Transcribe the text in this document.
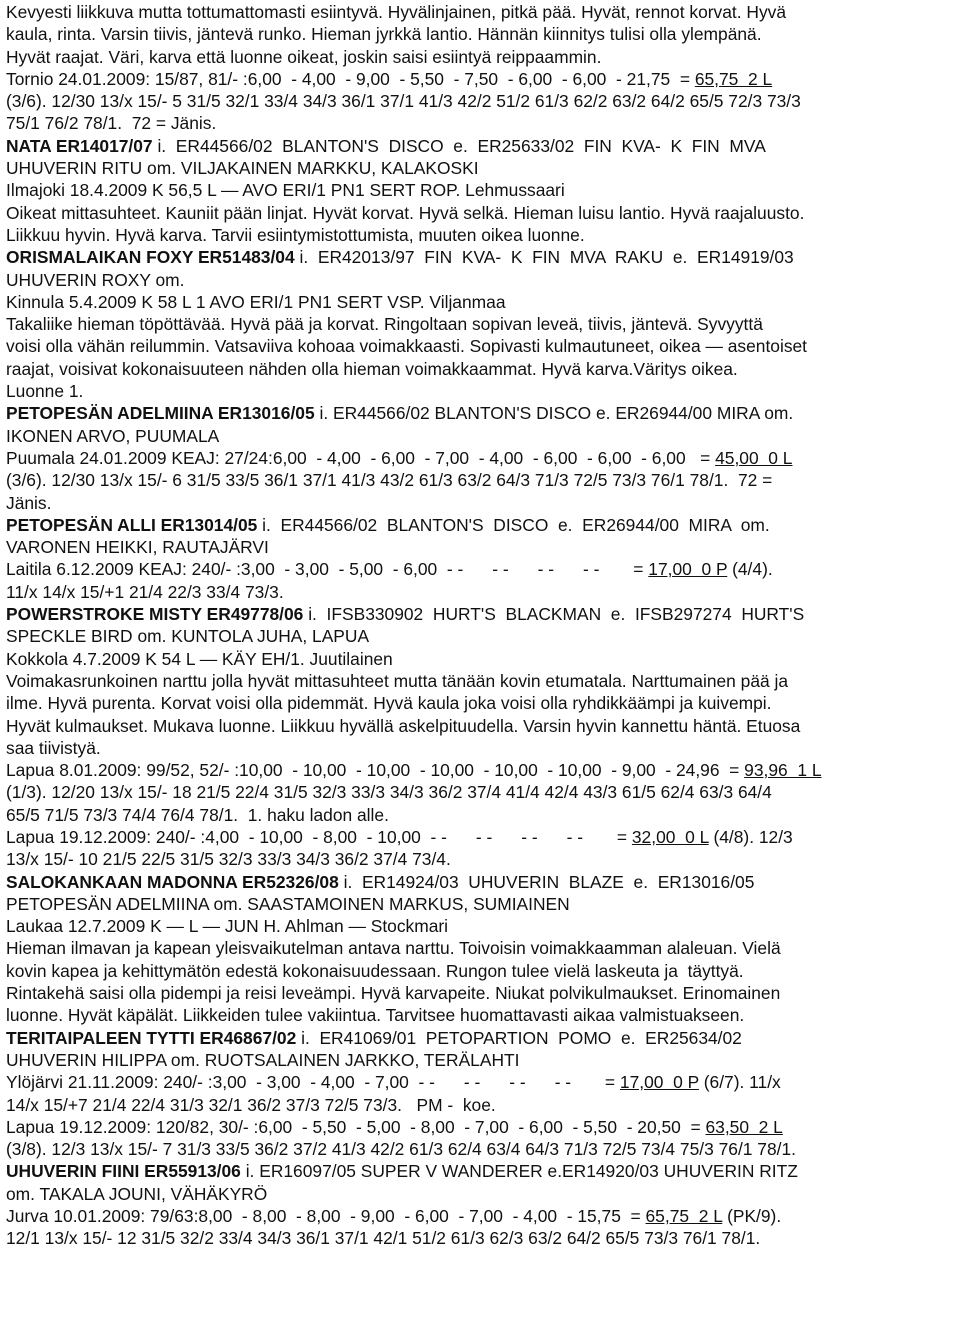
Kevyesti liikkuva mutta tottumattomasti esiintyvä. Hyvälinjainen, pitkä pää. Hyvät, rennot korvat. Hyvä
kaula, rinta. Varsin tiivis, jäntevä runko. Hieman jyrkkä lantio. Hännän kiinnitys tulisi olla ylempänä.
Hyvät raajat. Väri, karva että luonne oikeat, joskin saisi esiintyä reippaammin.
Tornio 24.01.2009: 15/87, 81/- :6,00  - 4,00  - 9,00  - 5,50  - 7,50  - 6,00  - 6,00  - 21,75  = 65,75  2 L
(3/6). 12/30 13/x 15/- 5 31/5 32/1 33/4 34/3 36/1 37/1 41/3 42/2 51/2 61/3 62/2 63/2 64/2 65/5 72/3 73/3
75/1 76/2 78/1.  72 = Jänis.
NATA ER14017/07 i.  ER44566/02  BLANTON'S  DISCO  e.  ER25633/02  FIN  KVA-  K  FIN  MVA
UHUVERIN RITU om. VILJAKAINEN MARKKU, KALAKOSKI
Ilmajoki 18.4.2009 K 56,5 L — AVO ERI/1 PN1 SERT ROP. Lehmussaari
Oikeat mittasuhteet. Kauniit pään linjat. Hyvät korvat. Hyvä selkä. Hieman luisu lantio. Hyvä raajaluusto.
Liikkuu hyvin. Hyvä karva. Tarvii esiintymistottumista, muuten oikea luonne.
ORISMALAIKAN FOXY ER51483/04 i.  ER42013/97  FIN  KVA-  K  FIN  MVA  RAKU  e.  ER14919/03
UHUVERIN ROXY om.
Kinnula 5.4.2009 K 58 L 1 AVO ERI/1 PN1 SERT VSP. Viljanmaa
Takaliike hieman töpöttävää. Hyvä pää ja korvat. Ringoltaan sopivan leveä, tiivis, jäntevä. Syvyyttä
voisi olla vähän reilummin. Vatsaviiva kohoaa voimakkaasti. Sopivasti kulmautuneet, oikea — asentoiset
raajat, voisivat kokonaisuuteen nähden olla hieman voimakkaammat. Hyvä karva.Väritys oikea.
Luonne 1.
PETOPESÄN ADELMIINA ER13016/05 i. ER44566/02 BLANTON'S DISCO e. ER26944/00 MIRA om.
IKONEN ARVO, PUUMALA
Puumala 24.01.2009 KEAJ: 27/24:6,00  - 4,00  - 6,00  - 7,00  - 4,00  - 6,00  - 6,00  - 6,00   = 45,00  0 L
(3/6). 12/30 13/x 15/- 6 31/5 33/5 36/1 37/1 41/3 43/2 61/3 63/2 64/3 71/3 72/5 73/3 76/1 78/1.  72 =
Jänis.
PETOPESÄN ALLI ER13014/05 i.  ER44566/02  BLANTON'S  DISCO  e.  ER26944/00  MIRA  om.
VARONEN HEIKKI, RAUTAJÄRVI
Laitila 6.12.2009 KEAJ: 240/- :3,00  - 3,00  - 5,00  - 6,00  - -      - -      - -      - -       = 17,00  0 P (4/4).
11/x 14/x 15/+1 21/4 22/3 33/4 73/3.
POWERSTROKE MISTY ER49778/06 i.  IFSB330902  HURT'S  BLACKMAN  e.  IFSB297274  HURT'S
SPECKLE BIRD om. KUNTOLA JUHA, LAPUA
Kokkola 4.7.2009 K 54 L — KÄY EH/1. Juutilainen
Voimakasrunkoinen narttu jolla hyvät mittasuhteet mutta tänään kovin etumatala. Narttumainen pää ja
ilme. Hyvä purenta. Korvat voisi olla pidemmät. Hyvä kaula joka voisi olla ryhdikkäämpi ja kuivempi.
Hyvät kulmaukset. Mukava luonne. Liikkuu hyvällä askelpituudella. Varsin hyvin kannettu häntä. Etuosa
saa tiivistyä.
Lapua 8.01.2009: 99/52, 52/- :10,00  - 10,00  - 10,00  - 10,00  - 10,00  - 10,00  - 9,00  - 24,96  = 93,96  1 L
(1/3). 12/20 13/x 15/- 18 21/5 22/4 31/5 32/3 33/3 34/3 36/2 37/4 41/4 42/4 43/3 61/5 62/4 63/3 64/4
65/5 71/5 73/3 74/4 76/4 78/1.  1. haku ladon alle.
Lapua 19.12.2009: 240/- :4,00  - 10,00  - 8,00  - 10,00  - -      - -      - -      - -       = 32,00  0 L (4/8). 12/3
13/x 15/- 10 21/5 22/5 31/5 32/3 33/3 34/3 36/2 37/4 73/4.
SALOKANKAAN MADONNA ER52326/08 i.  ER14924/03  UHUVERIN  BLAZE  e.  ER13016/05
PETOPESÄN ADELMIINA om. SAASTAMOINEN MARKUS, SUMIAINEN
Laukaa 12.7.2009 K — L — JUN H. Ahlman — Stockmari
Hieman ilmavan ja kapean yleisvaikutelman antava narttu. Toivoisin voimakkaamman alaleuan. Vielä
kovin kapea ja kehittymätön edestä kokonaisuudessaan. Rungon tulee vielä laskeuta ja  täyttyä.
Rintakehä saisi olla pidempi ja reisi leveämpi. Hyvä karvapeite. Niukat polvikulmaukset. Erinomainen
luonne. Hyvät käpälät. Liikkeiden tulee vakiintua. Tarvitsee huomattavasti aikaa valmistuakseen.
TERITAIPALEEN TYTTI ER46867/02 i.  ER41069/01  PETOPARTION  POMO  e.  ER25634/02
UHUVERIN HILIPPA om. RUOTSALAINEN JARKKO, TERÄLAHTI
Ylöjärvi 21.11.2009: 240/- :3,00  - 3,00  - 4,00  - 7,00  - -      - -      - -      - -       = 17,00  0 P (6/7). 11/x
14/x 15/+7 21/4 22/4 31/3 32/1 36/2 37/3 72/5 73/3.   PM -  koe.
Lapua 19.12.2009: 120/82, 30/- :6,00  - 5,50  - 5,00  - 8,00  - 7,00  - 6,00  - 5,50  - 20,50  = 63,50  2 L
(3/8). 12/3 13/x 15/- 7 31/3 33/5 36/2 37/2 41/3 42/2 61/3 62/4 63/4 64/3 71/3 72/5 73/4 75/3 76/1 78/1.
UHUVERIN FIINI ER55913/06 i. ER16097/05 SUPER V WANDERER e.ER14920/03 UHUVERIN RITZ
om. TAKALA JOUNI, VÄHÄKYRÖ
Jurva 10.01.2009: 79/63:8,00  - 8,00  - 8,00  - 9,00  - 6,00  - 7,00  - 4,00  - 15,75  = 65,75  2 L (PK/9).
12/1 13/x 15/- 12 31/5 32/2 33/4 34/3 36/1 37/1 42/1 51/2 61/3 62/3 63/2 64/2 65/5 73/3 76/1 78/1.
